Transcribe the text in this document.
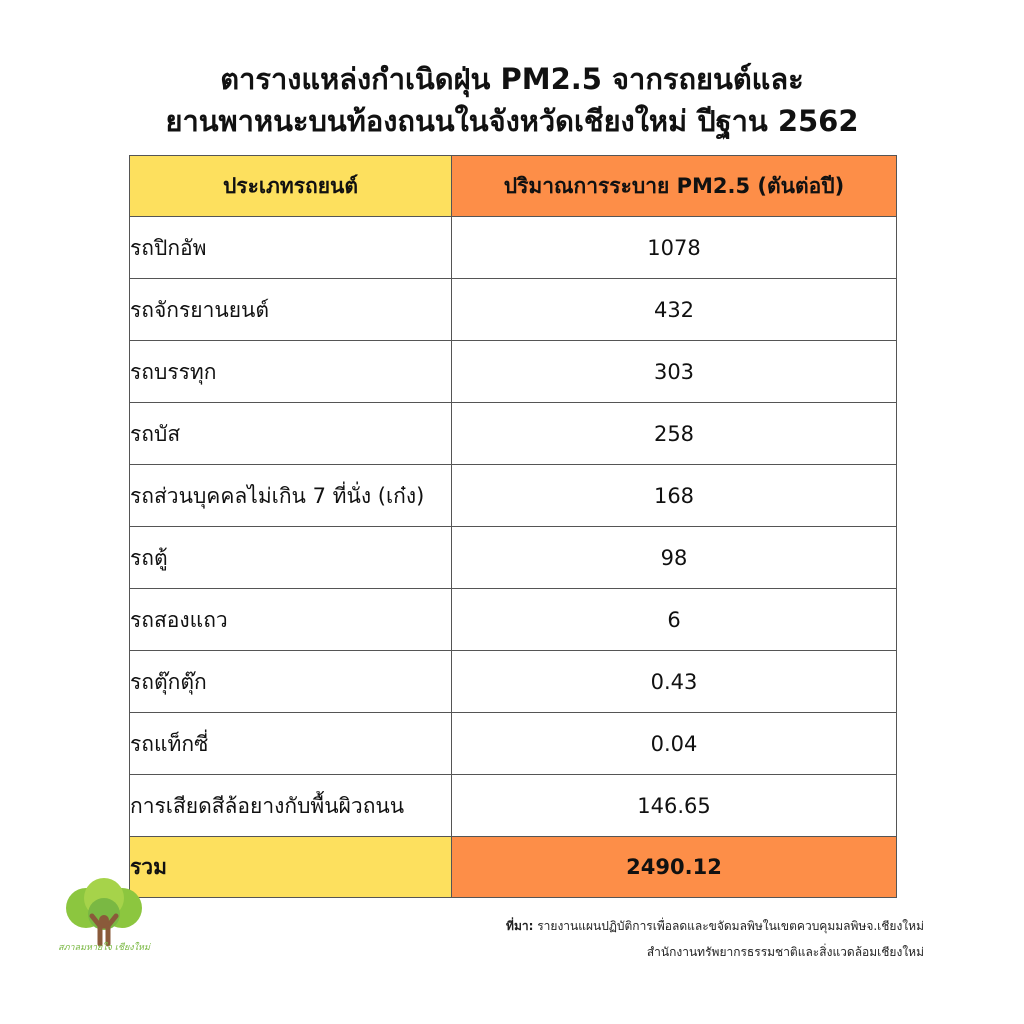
ตารางแหล่งกำเนิดฝุ่น PM2.5 จากรถยนต์และ
ยานพาหนะบนท้องถนนในจังหวัดเชียงใหม่ ปีฐาน 2562
ประเภทรถยนต์	ปริมาณการระบาย PM2.5 (ตันต่อปี)

รถปิกอัพ	1078

รถจักรยานยนต์	432

รถบรรทุก	303

รถบัส	258

รถส่วนบุคคลไม่เกิน 7 ที่นั่ง (เก๋ง)	168

รถตู้	98

รถสองแถว	6

รถตุ๊กตุ๊ก	0.43

รถแท็กซี่	0.04

การเสียดสีล้อยางกับพื้นผิวถนน	146.65
รวม	2490.12
สภาลมหายใจ เชียงใหม่
ที่มา: รายงานแผนปฏิบัติการเพื่อลดและขจัดมลพิษในเขตควบคุมมลพิษจ.เชียงใหม่
สำนักงานทรัพยากรธรรมชาติและสิ่งแวดล้อมเชียงใหม่
